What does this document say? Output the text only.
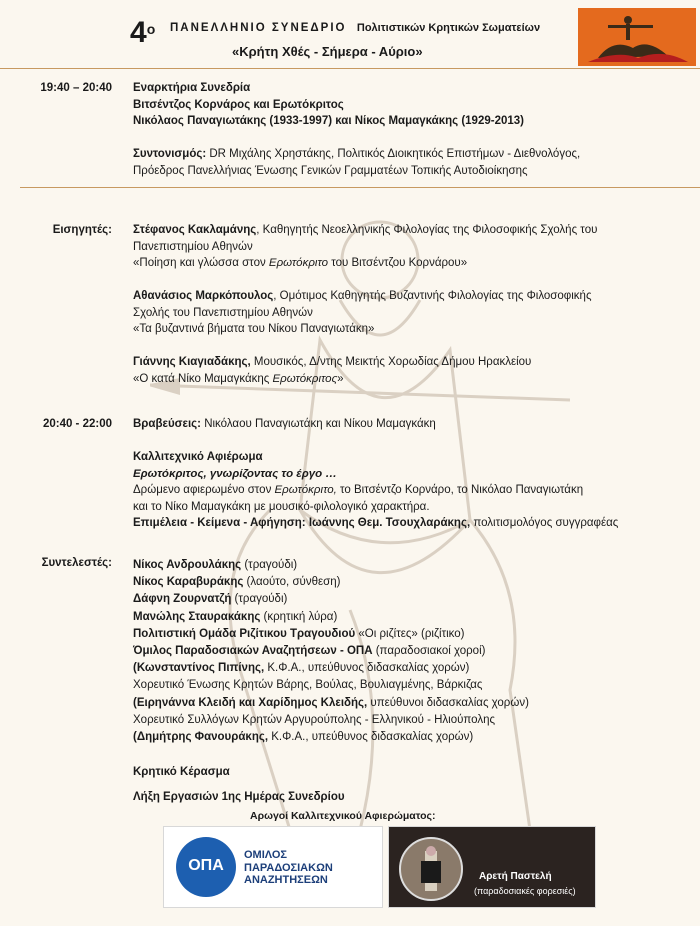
$4^o$ ΠΑΝΕΛΛΗΝΙΟ ΣΥΝΕΔΡΙΟ Πολιτιστικών Κρητικών Σωματείων
«Κρήτη Χθές - Σήμερα - Αύριο»
19:40 – 20:40 Εναρκτήρια Συνεδρία
Βιτσέντζος Κορνάρος και Ερωτόκριτος
Νικόλαος Παναγιωτάκης (1933-1997) και Νίκος Μαμαγκάκης (1929-2013)
Συντονισμός: DR Μιχάλης Χρηστάκης, Πολιτικός Διοικητικός Επιστήμων - Διεθνολόγος,
Πρόεδρος Πανελλήνιας Ένωσης Γενικών Γραμματέων Τοπικής Αυτοδιοίκησης
Εισηγητές: Στέφανος Κακλαμάνης, Καθηγητής Νεοελληνικής Φιλολογίας της Φιλοσοφικής Σχολής του
Πανεπιστημίου Αθηνών
«Ποίηση και γλώσσα στον Ερωτόκριτο του Βιτσέντζου Κορνάρου»
Αθανάσιος Μαρκόπουλος, Ομότιμος Καθηγητής Βυζαντινής Φιλολογίας της Φιλοσοφικής
Σχολής του Πανεπιστημίου Αθηνών
«Τα βυζαντινά βήματα του Νίκου Παναγιωτάκη»
Γιάννης Κιαγιαδάκης, Μουσικός, Δ/ντης Μεικτής Χορωδίας Δήμου Ηρακλείου
«Ο κατά Νίκο Μαμαγκάκης Ερωτόκριτος»
20:40 - 22:00 Βραβεύσεις: Νικόλαου Παναγιωτάκη και Νίκου Μαμαγκάκη
Καλλιτεχνικό Αφιέρωμα
Ερωτόκριτος, γνωρίζοντας το έργο …
Δρώμενο αφιερωμένο στον Ερωτόκριτο, το Βιτσέντζο Κορνάρο, το Νικόλαο Παναγιωτάκη
και το Νίκο Μαμαγκάκη με μουσικό-φιλολογικό χαρακτήρα.
Επιμέλεια - Κείμενα - Αφήγηση: Ιωάννης Θεμ. Τσουχλαράκης, πολιτισμολόγος συγγραφέας
Συντελεστές: Νίκος Ανδρουλάκης (τραγούδι)
Νίκος Καραβυράκης (λαούτο, σύνθεση)
Δάφνη Ζουρνατζή (τραγούδι)
Μανώλης Σταυρακάκης (κρητική λύρα)
Πολιτιστική Ομάδα Ριζίτικου Τραγουδιού «Οι ριζίτες» (ριζίτικο)
Όμιλος Παραδοσιακών Αναζητήσεων - ΟΠΑ (παραδοσιακοί χοροί)
(Κωνσταντίνος Πιπίνης, Κ.Φ.Α., υπεύθυνος διδασκαλίας χορών)
Χορευτικό Ένωσης Κρητών Βάρης, Βούλας, Βουλιαγμένης, Βάρκιζας
(Ειρηνάννα Κλειδή και Χαρίδημος Κλειδής, υπεύθυνοι διδασκαλίας χορών)
Χορευτικό Συλλόγων Κρητών Αργυρούπολης - Ελληνικού - Ηλιούπολης
(Δημήτρης Φανουράκης, Κ.Φ.Α., υπεύθυνος διδασκαλίας χορών)
Κρητικό Κέρασμα
Λήξη Εργασιών 1ης Ημέρας Συνεδρίου
Αρωγοί Καλλιτεχνικού Αφιερώματος:
ΟΠΑ
ΟΜΙΛΟΣ
ΠΑΡΑΔΟΣΙΑΚΩΝ
ΑΝΑΖΗΤΗΣΕΩΝ	Αρετή Παστελή
(παραδοσιακές φορεσιές)
